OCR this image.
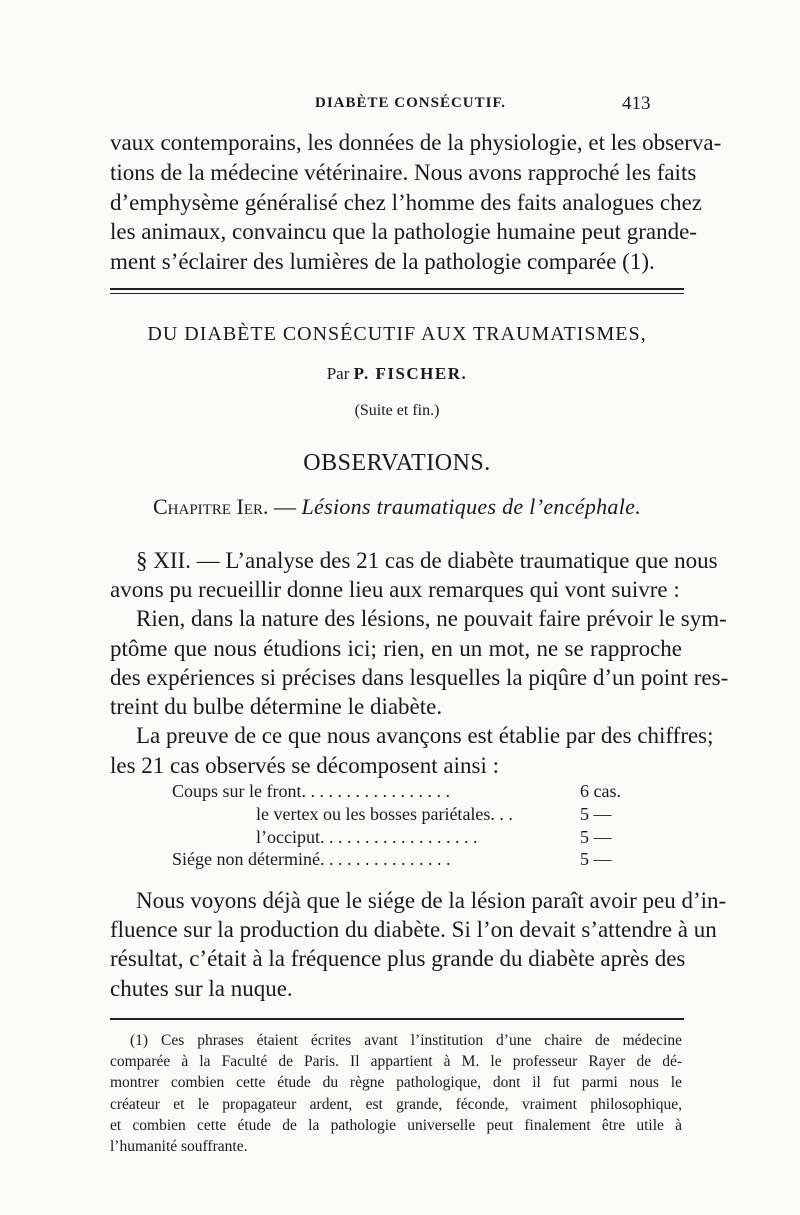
DIABÈTE CONSÉCUTIF.	413
vaux contemporains, les données de la physiologie, et les observa-
tions de la médecine vétérinaire. Nous avons rapproché les faits
d’emphysème généralisé chez l’homme des faits analogues chez
les animaux, convaincu que la pathologie humaine peut grande-
ment s’éclairer des lumières de la pathologie comparée (1).
DU DIABÈTE CONSÉCUTIF AUX TRAUMATISMES,
Par P. FISCHER.
(Suite et fin.)
OBSERVATIONS.
Chapitre Ier. — Lésions traumatiques de l’encéphale.
§ XII. — L’analyse des 21 cas de diabète traumatique que nous
avons pu recueillir donne lieu aux remarques qui vont suivre :
Rien, dans la nature des lésions, ne pouvait faire prévoir le sym-
ptôme que nous étudions ici; rien, en un mot, ne se rapproche
des expériences si précises dans lesquelles la piqûre d’un point res-
treint du bulbe détermine le diabète.
La preuve de ce que nous avançons est établie par des chiffres;
les 21 cas observés se décomposent ainsi :
Coups sur le front. . . . . . . . . . . . . . . . .	6 cas.
le vertex ou les bosses pariétales. . .	5 —
l’occiput. . . . . . . . . . . . . . . . . .	5 —
Siége non déterminé. . . . . . . . . . . . . . .	5 —
Nous voyons déjà que le siége de la lésion paraît avoir peu d’in-
fluence sur la production du diabète. Si l’on devait s’attendre à un
résultat, c’était à la fréquence plus grande du diabète après des
chutes sur la nuque.
(1) Ces phrases étaient écrites avant l’institution d’une chaire de médecine
comparée à la Faculté de Paris. Il appartient à M. le professeur Rayer de dé-
montrer combien cette étude du règne pathologique, dont il fut parmi nous le
créateur et le propagateur ardent, est grande, féconde, vraiment philosophique,
et combien cette étude de la pathologie universelle peut finalement être utile à
l’humanité souffrante.
